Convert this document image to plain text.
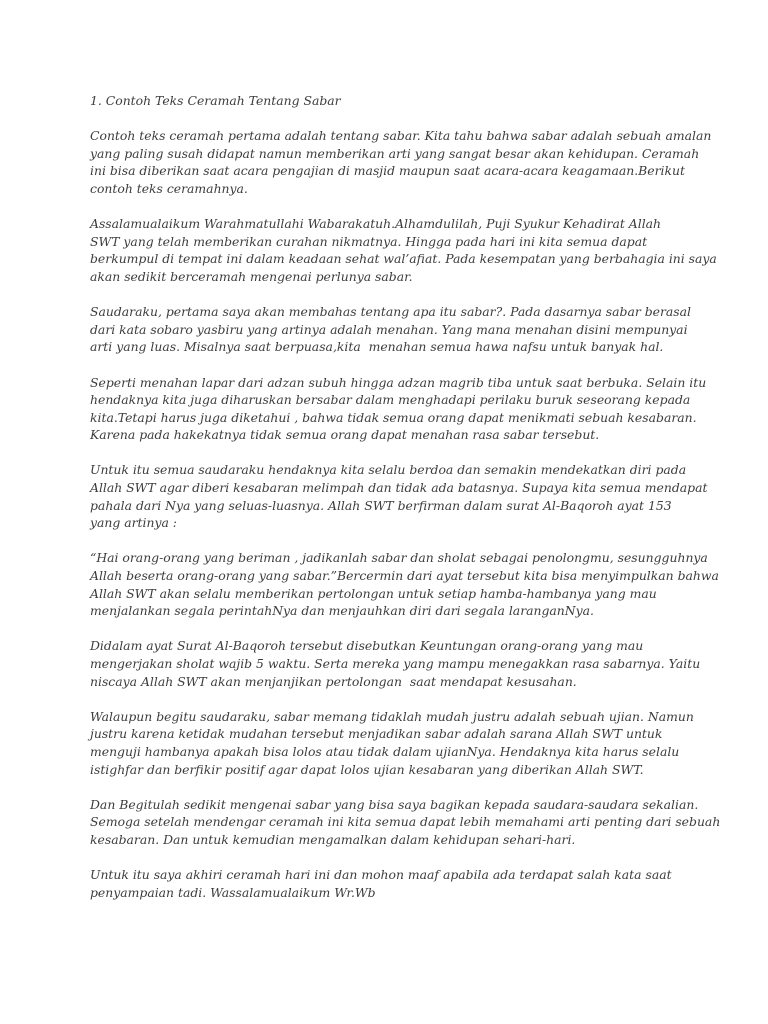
1. Contoh Teks Ceramah Tentang Sabar
Contoh teks ceramah pertama adalah tentang sabar. Kita tahu bahwa sabar adalah sebuah amalan
yang paling susah didapat namun memberikan arti yang sangat besar akan kehidupan. Ceramah
ini bisa diberikan saat acara pengajian di masjid maupun saat acara-acara keagamaan.Berikut
contoh teks ceramahnya.
Assalamualaikum Warahmatullahi Wabarakatuh.Alhamdulilah, Puji Syukur Kehadirat Allah
SWT yang telah memberikan curahan nikmatnya. Hingga pada hari ini kita semua dapat
berkumpul di tempat ini dalam keadaan sehat wal’afiat. Pada kesempatan yang berbahagia ini saya
akan sedikit berceramah mengenai perlunya sabar.
Saudaraku, pertama saya akan membahas tentang apa itu sabar?. Pada dasarnya sabar berasal
dari kata sobaro yasbiru yang artinya adalah menahan. Yang mana menahan disini mempunyai
arti yang luas. Misalnya saat berpuasa,kita  menahan semua hawa nafsu untuk banyak hal.
Seperti menahan lapar dari adzan subuh hingga adzan magrib tiba untuk saat berbuka. Selain itu
hendaknya kita juga diharuskan bersabar dalam menghadapi perilaku buruk seseorang kepada
kita.Tetapi harus juga diketahui , bahwa tidak semua orang dapat menikmati sebuah kesabaran.
Karena pada hakekatnya tidak semua orang dapat menahan rasa sabar tersebut.
Untuk itu semua saudaraku hendaknya kita selalu berdoa dan semakin mendekatkan diri pada
Allah SWT agar diberi kesabaran melimpah dan tidak ada batasnya. Supaya kita semua mendapat
pahala dari Nya yang seluas-luasnya. Allah SWT berfirman dalam surat Al-Baqoroh ayat 153
yang artinya :
“Hai orang-orang yang beriman , jadikanlah sabar dan sholat sebagai penolongmu, sesungguhnya
Allah beserta orang-orang yang sabar.”Bercermin dari ayat tersebut kita bisa menyimpulkan bahwa
Allah SWT akan selalu memberikan pertolongan untuk setiap hamba-hambanya yang mau
menjalankan segala perintahNya dan menjauhkan diri dari segala laranganNya.
Didalam ayat Surat Al-Baqoroh tersebut disebutkan Keuntungan orang-orang yang mau
mengerjakan sholat wajib 5 waktu. Serta mereka yang mampu menegakkan rasa sabarnya. Yaitu
niscaya Allah SWT akan menjanjikan pertolongan  saat mendapat kesusahan.
Walaupun begitu saudaraku, sabar memang tidaklah mudah justru adalah sebuah ujian. Namun
justru karena ketidak mudahan tersebut menjadikan sabar adalah sarana Allah SWT untuk
menguji hambanya apakah bisa lolos atau tidak dalam ujianNya. Hendaknya kita harus selalu
istighfar dan berfikir positif agar dapat lolos ujian kesabaran yang diberikan Allah SWT.
Dan Begitulah sedikit mengenai sabar yang bisa saya bagikan kepada saudara-saudara sekalian.
Semoga setelah mendengar ceramah ini kita semua dapat lebih memahami arti penting dari sebuah
kesabaran. Dan untuk kemudian mengamalkan dalam kehidupan sehari-hari.
Untuk itu saya akhiri ceramah hari ini dan mohon maaf apabila ada terdapat salah kata saat
penyampaian tadi. Wassalamualaikum Wr.Wb
